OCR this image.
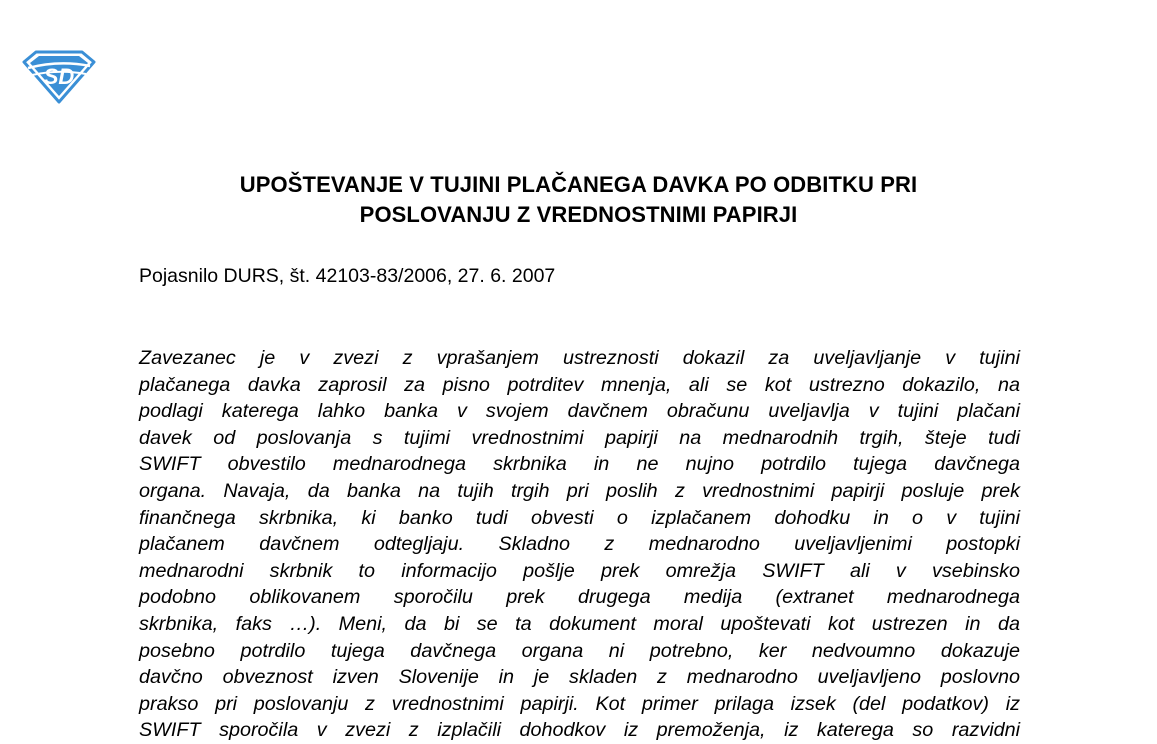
SD
UPOŠTEVANJE V TUJINI PLAČANEGA DAVKA PO ODBITKU PRI
POSLOVANJU Z VREDNOSTNIMI PAPIRJI

Pojasnilo DURS, št. 42103-83/2006, 27. 6. 2007

Zavezanec je v zvezi z vprašanjem ustreznosti dokazil za uveljavljanje v tujini
plačanega davka zaprosil za pisno potrditev mnenja, ali se kot ustrezno dokazilo, na
podlagi katerega lahko banka v svojem davčnem obračunu uveljavlja v tujini plačani
davek od poslovanja s tujimi vrednostnimi papirji na mednarodnih trgih, šteje tudi
SWIFT obvestilo mednarodnega skrbnika in ne nujno potrdilo tujega davčnega
organa. Navaja, da banka na tujih trgih pri poslih z vrednostnimi papirji posluje prek
finančnega skrbnika, ki banko tudi obvesti o izplačanem dohodku in o v tujini
plačanem davčnem odtegljaju. Skladno z mednarodno uveljavljenimi postopki
mednarodni skrbnik to informacijo pošlje prek omrežja SWIFT ali v vsebinsko
podobno oblikovanem sporočilu prek drugega medija (extranet mednarodnega
skrbnika, faks …). Meni, da bi se ta dokument moral upoštevati kot ustrezen in da
posebno potrdilo tujega davčnega organa ni potrebno, ker nedvoumno dokazuje
davčno obveznost izven Slovenije in je skladen z mednarodno uveljavljeno poslovno
prakso pri poslovanju z vrednostnimi papirji. Kot primer prilaga izsek (del podatkov) iz
SWIFT sporočila v zvezi z izplačili dohodkov iz premoženja, iz katerega so razvidni
